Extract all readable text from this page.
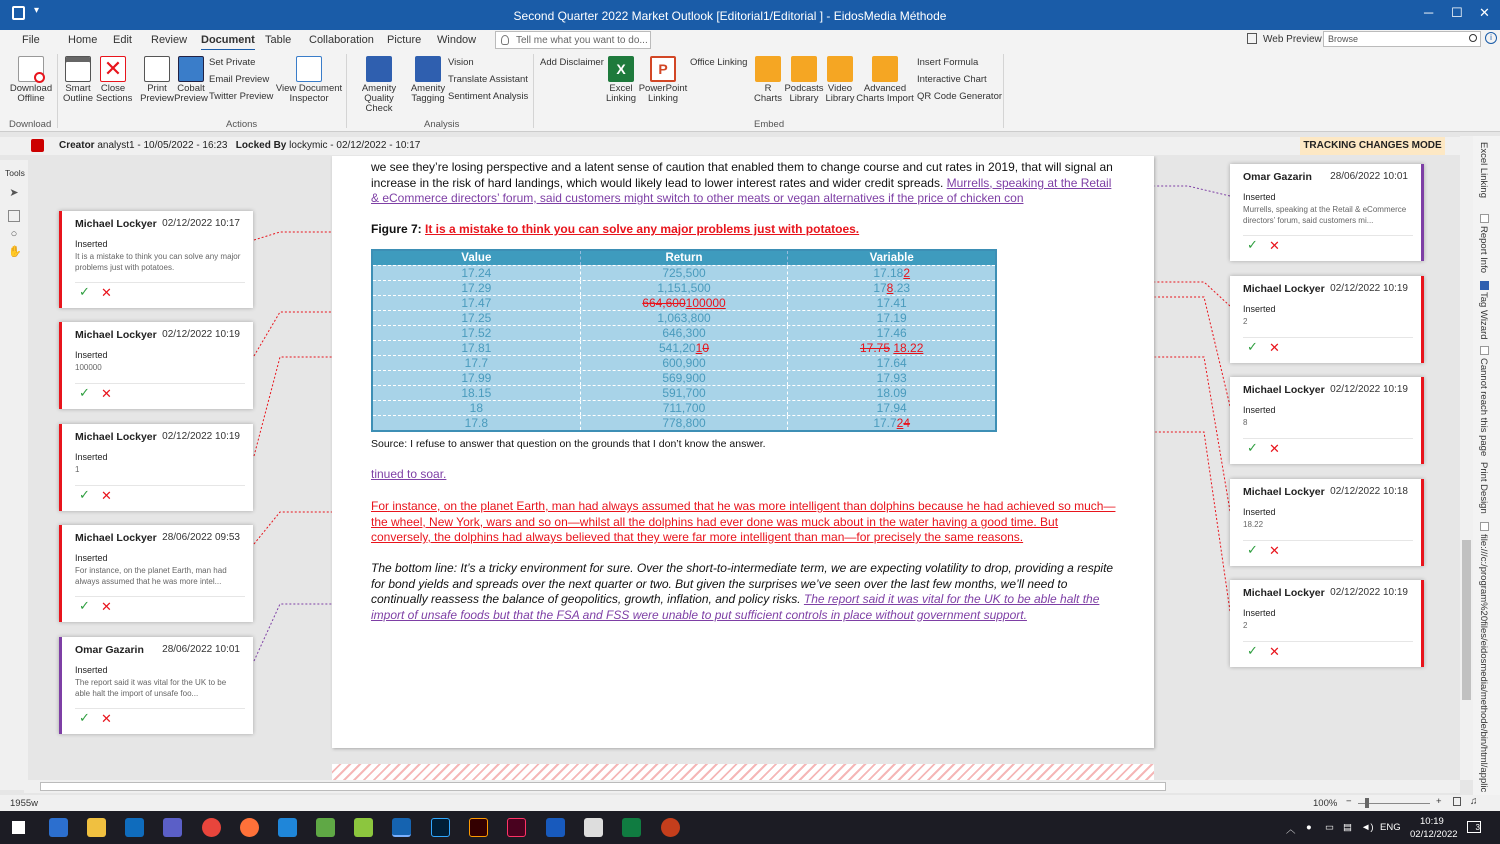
▾	Second Quarter 2022 Market Outlook [Editorial1/Editorial ] - EidosMedia Méthode	─ ☐ ✕
File	Home Edit Review Document Table Collaboration Picture Window	Tell me what you want to do...	Web Preview Browse	i
Download Offline
Smart Outline
✕
Close Sections
Print Preview
Cobalt Preview
Set Private
Email Preview
Twitter Preview
View Document Inspector
Amenity Quality Check
Amenity Tagging
Vision
Translate Assistant
Sentiment Analysis
Add Disclaimer X
Excel Linking
P
PowerPoint Linking
Office Linking
R Charts
Podcasts Library
Video Library
Advanced Charts Import
Insert Formula
Interactive Chart
QR Code Generator
Download	Actions	Analysis	Embed
Creator analyst1 - 10/05/2022 - 16:23 Locked By lockymic - 02/12/2022 - 10:17	TRACKING CHANGES MODE
Tools
➤
○
✋
we see they’re losing perspective and a latent sense of caution that enabled them to change course and cut rates in 2019, that will signal an increase in the risk of hard landings, which would likely lead to lower interest rates and wider credit spreads. Murrells, speaking at the Retail & eCommerce directors’ forum, said customers might switch to other meats or vegan alternatives if the price of chicken con
Figure 7: It is a mistake to think you can solve any major problems just with potatoes.
Value	Return	Variable
17.24	725,500	17.182
17.29	1,151,500	178.23
17.47	664,600100000	17.41
17.25	1,063,800	17.19
17.52	646,300	17.46
17.81	541,2010	17.75 18.22
17.7	600,900	17.64
17.99	569,900	17.93
18.15	591,700	18.09
18	711,700	17.94
17.8	778,800	17.724
Source: I refuse to answer that question on the grounds that I don’t know the answer.
tinued to soar.
For instance, on the planet Earth, man had always assumed that he was more intelligent than dolphins because he had achieved so much—the wheel, New York, wars and so on—whilst all the dolphins had ever done was muck about in the water having a good time. But conversely, the dolphins had always believed that they were far more intelligent than man—for precisely the same reasons.
The bottom line: It’s a tricky environment for sure. Over the short-to-intermediate term, we are expecting volatility to drop, providing a respite for bond yields and spreads over the next quarter or two. But given the surprises we’ve seen over the last few months, we’ll need to continually reassess the balance of geopolitics, growth, inflation, and policy risks. The report said it was vital for the UK to be able halt the import of unsafe foods but that the FSA and FSS were unable to put sufficient controls in place without government support.
Michael Lockyer 02/12/2022 10:17
Inserted
It is a mistake to think you can solve any major problems just with potatoes.
✓ ✕
Michael Lockyer 02/12/2022 10:19
Inserted
100000
✓ ✕
Michael Lockyer 02/12/2022 10:19
Inserted
1
✓ ✕
Michael Lockyer 28/06/2022 09:53
Inserted
For instance, on the planet Earth, man had always assumed that he was more intel...
✓ ✕
Omar Gazarin 28/06/2022 10:01
Inserted
The report said it was vital for the UK to be able halt the import of unsafe foo...
✓ ✕
Omar Gazarin 28/06/2022 10:01
Inserted
Murrells, speaking at the Retail & eCommerce directors’ forum, said customers mi...
✓ ✕
Michael Lockyer 02/12/2022 10:19
Inserted
2
✓ ✕
Michael Lockyer 02/12/2022 10:19
Inserted
8
✓ ✕
Michael Lockyer 02/12/2022 10:18
Inserted
18.22
✓ ✕
Michael Lockyer 02/12/2022 10:19
Inserted
2
✓ ✕
Excel Linking
Report Info
Tag Wizard
Cannot reach this page
Print Design
file:///c:/program%20files/eidosmedia/methode/bin/html/applic
1955w	100% −	+	♫
︿ ● ▭ ▤ ◄) ENG
10:19
02/12/2022
3
